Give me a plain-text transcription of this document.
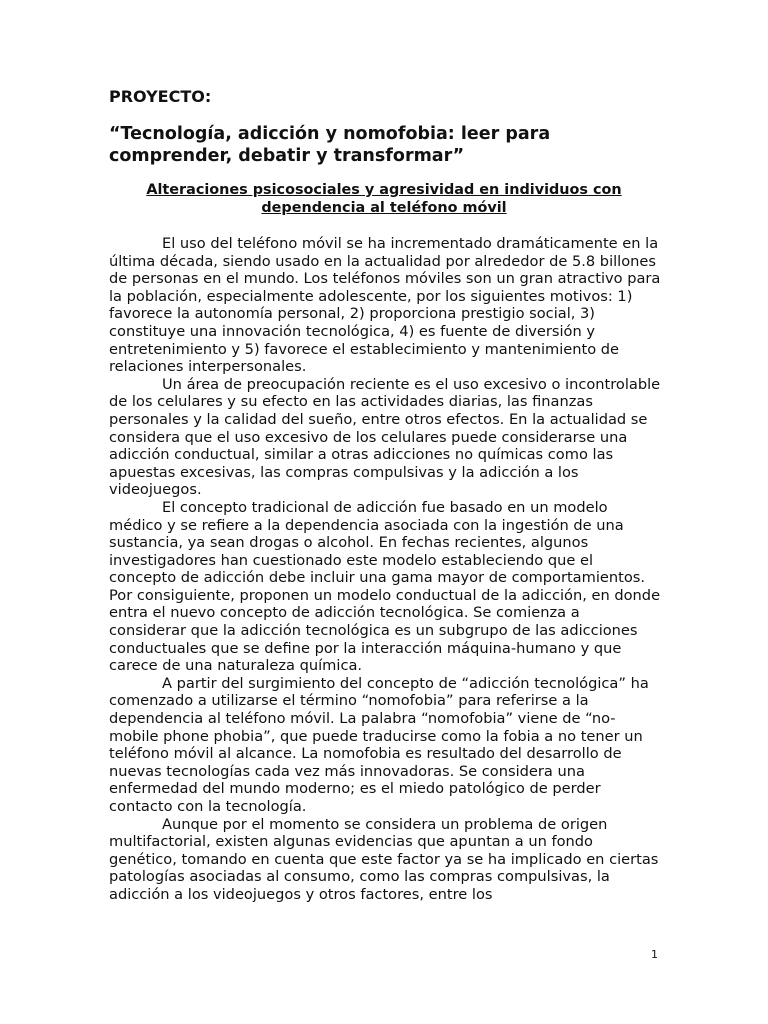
PROYECTO:
“Tecnología, adicción y nomofobia: leer para comprender, debatir y transformar”
Alteraciones psicosociales y agresividad en individuos con dependencia al teléfono móvil

El uso del teléfono móvil se ha incrementado dramáticamente en la última década, siendo usado en la actualidad por alrededor de 5.8 billones de personas en el mundo. Los teléfonos móviles son un gran atractivo para la población, especialmente adolescente, por los siguientes motivos: 1) favorece la autonomía personal, 2) proporciona prestigio social, 3) constituye una innovación tecnológica, 4) es fuente de diversión y entretenimiento y 5) favorece el establecimiento y mantenimiento de relaciones interpersonales.

Un área de preocupación reciente es el uso excesivo o incontrolable de los celulares y su efecto en las actividades diarias, las finanzas personales y la calidad del sueño, entre otros efectos. En la actualidad se considera que el uso excesivo de los celulares puede considerarse una adicción conductual, similar a otras adicciones no químicas como las apuestas excesivas, las compras compulsivas y la adicción a los videojuegos.

El concepto tradicional de adicción fue basado en un modelo médico y se refiere a la dependencia asociada con la ingestión de una sustancia, ya sean drogas o alcohol. En fechas recientes, algunos investigadores han cuestionado este modelo estableciendo que el concepto de adicción debe incluir una gama mayor de comportamientos. Por consiguiente, proponen un modelo conductual de la adicción, en donde entra el nuevo concepto de adicción tecnológica. Se comienza a considerar que la adicción tecnológica es un subgrupo de las adicciones conductuales que se define por la interacción máquina-humano y que carece de una naturaleza química.

A partir del surgimiento del concepto de “adicción tecnológica” ha comenzado a utilizarse el término “nomofobia” para referirse a la dependencia al teléfono móvil. La palabra “nomofobia” viene de “no-mobile phone phobia”, que puede traducirse como la fobia a no tener un teléfono móvil al alcance. La nomofobia es resultado del desarrollo de nuevas tecnologías cada vez más innovadoras. Se considera una enfermedad del mundo moderno; es el miedo patológico de perder contacto con la tecnología.

Aunque por el momento se considera un problema de origen multifactorial, existen algunas evidencias que apuntan a un fondo genético, tomando en cuenta que este factor ya se ha implicado en ciertas patologías asociadas al consumo, como las compras compulsivas, la adicción a los videojuegos y otros factores, entre los

1
